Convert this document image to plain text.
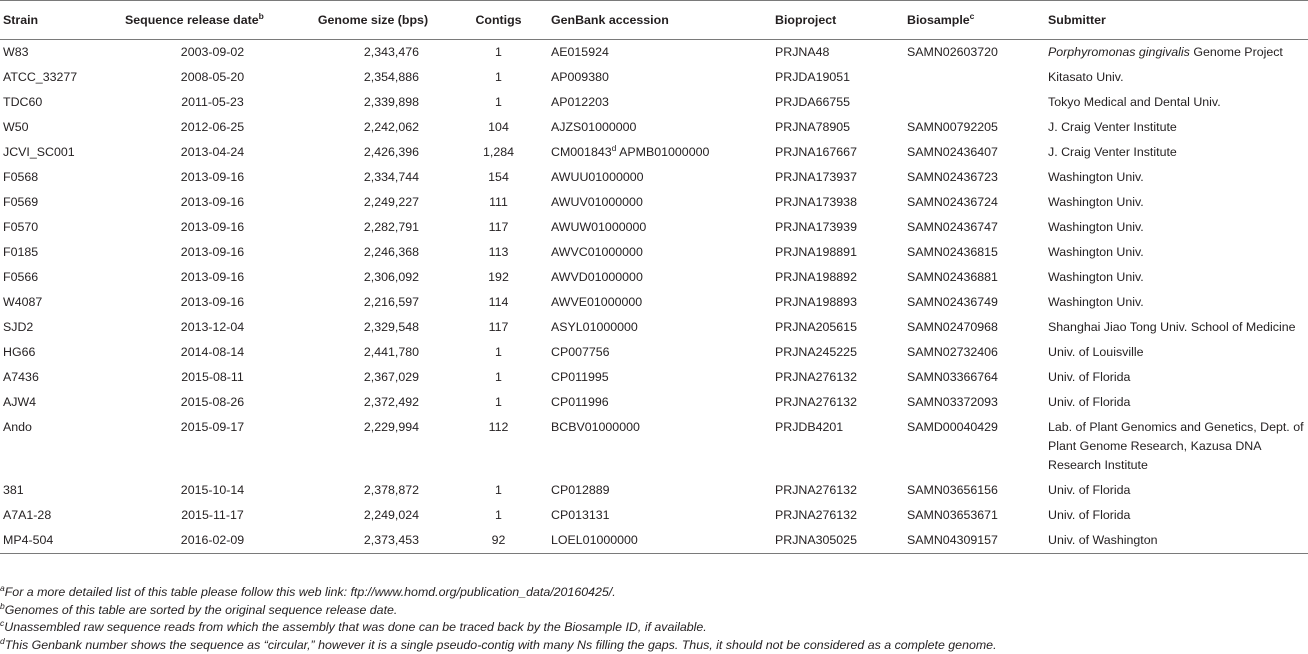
Strain	Sequence release date$^b$	Genome size (bps)	Contigs	GenBank accession	Bioproject	Biosample$^c$	Submitter
W83	2003-09-02	2,343,476	1	AE015924	PRJNA48	SAMN02603720	Porphyromonas gingivalis Genome Project
ATCC_33277	2008-05-20	2,354,886	1	AP009380	PRJDA19051		Kitasato Univ.
TDC60	2011-05-23	2,339,898	1	AP012203	PRJDA66755		Tokyo Medical and Dental Univ.
W50	2012-06-25	2,242,062	104	AJZS01000000	PRJNA78905	SAMN00792205	J. Craig Venter Institute
JCVI_SC001	2013-04-24	2,426,396	1,284	CM001843$^d$ APMB01000000	PRJNA167667	SAMN02436407	J. Craig Venter Institute
F0568	2013-09-16	2,334,744	154	AWUU01000000	PRJNA173937	SAMN02436723	Washington Univ.
F0569	2013-09-16	2,249,227	111	AWUV01000000	PRJNA173938	SAMN02436724	Washington Univ.
F0570	2013-09-16	2,282,791	117	AWUW01000000	PRJNA173939	SAMN02436747	Washington Univ.
F0185	2013-09-16	2,246,368	113	AWVC01000000	PRJNA198891	SAMN02436815	Washington Univ.
F0566	2013-09-16	2,306,092	192	AWVD01000000	PRJNA198892	SAMN02436881	Washington Univ.
W4087	2013-09-16	2,216,597	114	AWVE01000000	PRJNA198893	SAMN02436749	Washington Univ.
SJD2	2013-12-04	2,329,548	117	ASYL01000000	PRJNA205615	SAMN02470968	Shanghai Jiao Tong Univ. School of Medicine
HG66	2014-08-14	2,441,780	1	CP007756	PRJNA245225	SAMN02732406	Univ. of Louisville
A7436	2015-08-11	2,367,029	1	CP011995	PRJNA276132	SAMN03366764	Univ. of Florida
AJW4	2015-08-26	2,372,492	1	CP011996	PRJNA276132	SAMN03372093	Univ. of Florida
Ando	2015-09-17	2,229,994	112	BCBV01000000	PRJDB4201	SAMD00040429	Lab. of Plant Genomics and Genetics, Dept. of Plant Genome Research, Kazusa DNA Research Institute
381	2015-10-14	2,378,872	1	CP012889	PRJNA276132	SAMN03656156	Univ. of Florida
A7A1-28	2015-11-17	2,249,024	1	CP013131	PRJNA276132	SAMN03653671	Univ. of Florida
MP4-504	2016-02-09	2,373,453	92	LOEL01000000	PRJNA305025	SAMN04309157	Univ. of Washington
$^a$For a more detailed list of this table please follow this web link: ftp://www.homd.org/publication_data/20160425/.
$^b$Genomes of this table are sorted by the original sequence release date.
$^c$Unassembled raw sequence reads from which the assembly that was done can be traced back by the Biosample ID, if available.
$^d$This Genbank number shows the sequence as “circular,” however it is a single pseudo-contig with many Ns filling the gaps. Thus, it should not be considered as a complete genome.
